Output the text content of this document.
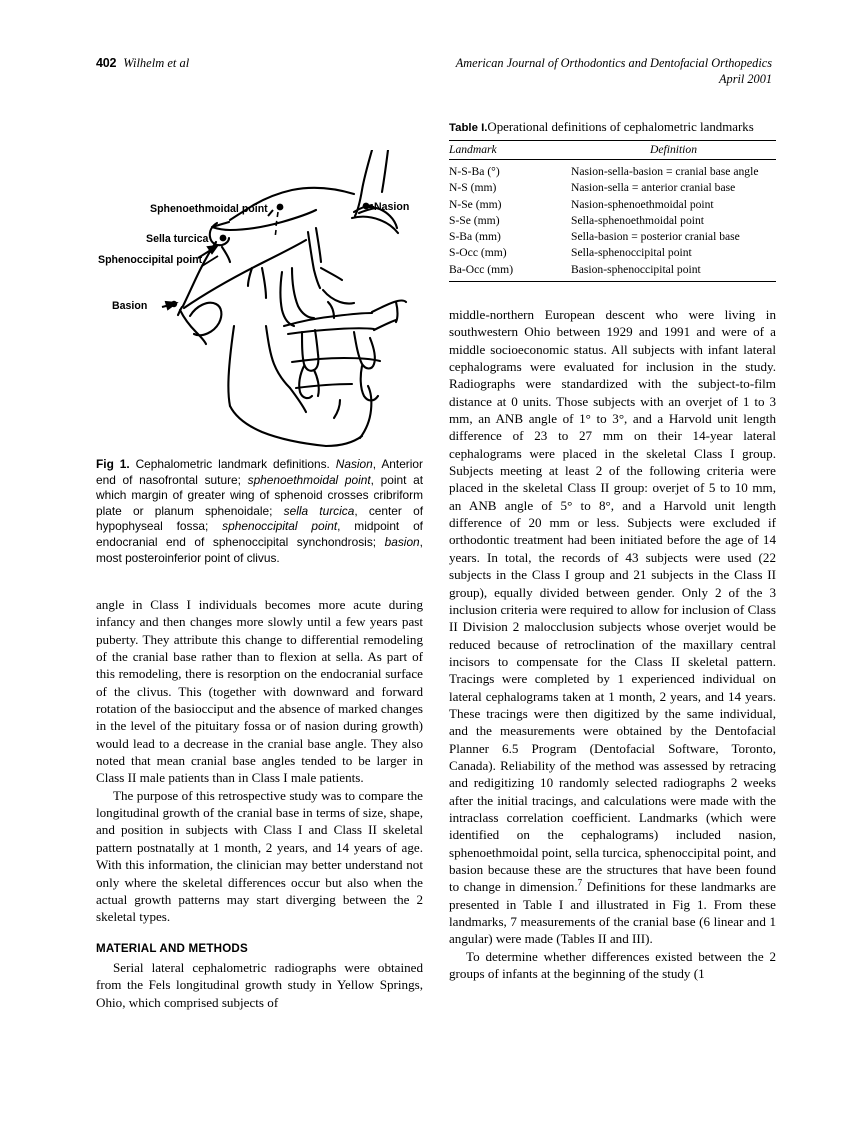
402 Wilhelm et al	American Journal of Orthodontics and Dentofacial Orthopedics
April 2001
Sphenoethmoidal point
Sella turcica
Sphenoccipital point
Basion
Nasion
Fig 1. Cephalometric landmark definitions. Nasion, Anterior end of nasofrontal suture; sphenoethmoidal point, point at which margin of greater wing of sphenoid crosses cribriform plate or planum sphenoidale; sella turcica, center of hypophyseal fossa; sphenoccipital point, midpoint of endocranial end of sphenoccipital synchondrosis; basion, most posteroinferior point of clivus.
Table I.Operational definitions of cephalometric landmarks
Landmark	Definition
N-S-Ba (°)	Nasion-sella-basion = cranial base angle
N-S (mm)	Nasion-sella = anterior cranial base
N-Se (mm)	Nasion-sphenoethmoidal point
S-Se (mm)	Sella-sphenoethmoidal point
S-Ba (mm)	Sella-basion = posterior cranial base
S-Occ (mm)	Sella-sphenoccipital point
Ba-Occ (mm)	Basion-sphenoccipital point

angle in Class I individuals becomes more acute during infancy and then changes more slowly until a few years past puberty. They attribute this change to differential remodeling of the cranial base rather than to flexion at sella. As part of this remodeling, there is resorption on the endocranial surface of the clivus. This (together with downward and forward rotation of the basiocciput and the absence of marked changes in the level of the pituitary fossa or of nasion during growth) would lead to a decrease in the cranial base angle. They also noted that mean cranial base angles tended to be larger in Class II male patients than in Class I male patients.

The purpose of this retrospective study was to compare the longitudinal growth of the cranial base in terms of size, shape, and position in subjects with Class I and Class II skeletal pattern postnatally at 1 month, 2 years, and 14 years of age. With this information, the clinician may better understand not only where the skeletal differences occur but also when the actual growth patterns may start diverging between the 2 skeletal types.

MATERIAL AND METHODS

Serial lateral cephalometric radiographs were obtained from the Fels longitudinal growth study in Yellow Springs, Ohio, which comprised subjects of

middle-northern European descent who were living in southwestern Ohio between 1929 and 1991 and were of a middle socioeconomic status. All subjects with infant lateral cephalograms were evaluated for inclusion in the study. Radiographs were standardized with the subject-to-film distance at 0 units. Those subjects with an overjet of 1 to 3 mm, an ANB angle of 1° to 3°, and a Harvold unit length difference of 23 to 27 mm on their 14-year lateral cephalograms were placed in the skeletal Class I group. Subjects meeting at least 2 of the following criteria were placed in the skeletal Class II group: overjet of 5 to 10 mm, an ANB angle of 5° to 8°, and a Harvold unit length difference of 20 mm or less. Subjects were excluded if orthodontic treatment had been initiated before the age of 14 years. In total, the records of 43 subjects were used (22 subjects in the Class I group and 21 subjects in the Class II group), equally divided between gender. Only 2 of the 3 inclusion criteria were required to allow for inclusion of Class II Division 2 malocclusion subjects whose overjet would be reduced because of retroclination of the maxillary central incisors to compensate for the Class II skeletal pattern. Tracings were completed by 1 experienced individual on lateral cephalograms taken at 1 month, 2 years, and 14 years. These tracings were then digitized by the same individual, and the measurements were obtained by the Dentofacial Planner 6.5 Program (Dentofacial Software, Toronto, Canada). Reliability of the method was assessed by retracing and redigitizing 10 randomly selected radiographs 2 weeks after the initial tracings, and calculations were made with the intraclass correlation coefficient. Landmarks (which were identified on the cephalograms) included nasion, sphenoethmoidal point, sella turcica, sphenoccipital point, and basion because these are the structures that have been found to change in dimension.$^7$ Definitions for these landmarks are presented in Table I and illustrated in Fig 1. From these landmarks, 7 measurements of the cranial base (6 linear and 1 angular) were made (Tables II and III).

To determine whether differences existed between the 2 groups of infants at the beginning of the study (1
